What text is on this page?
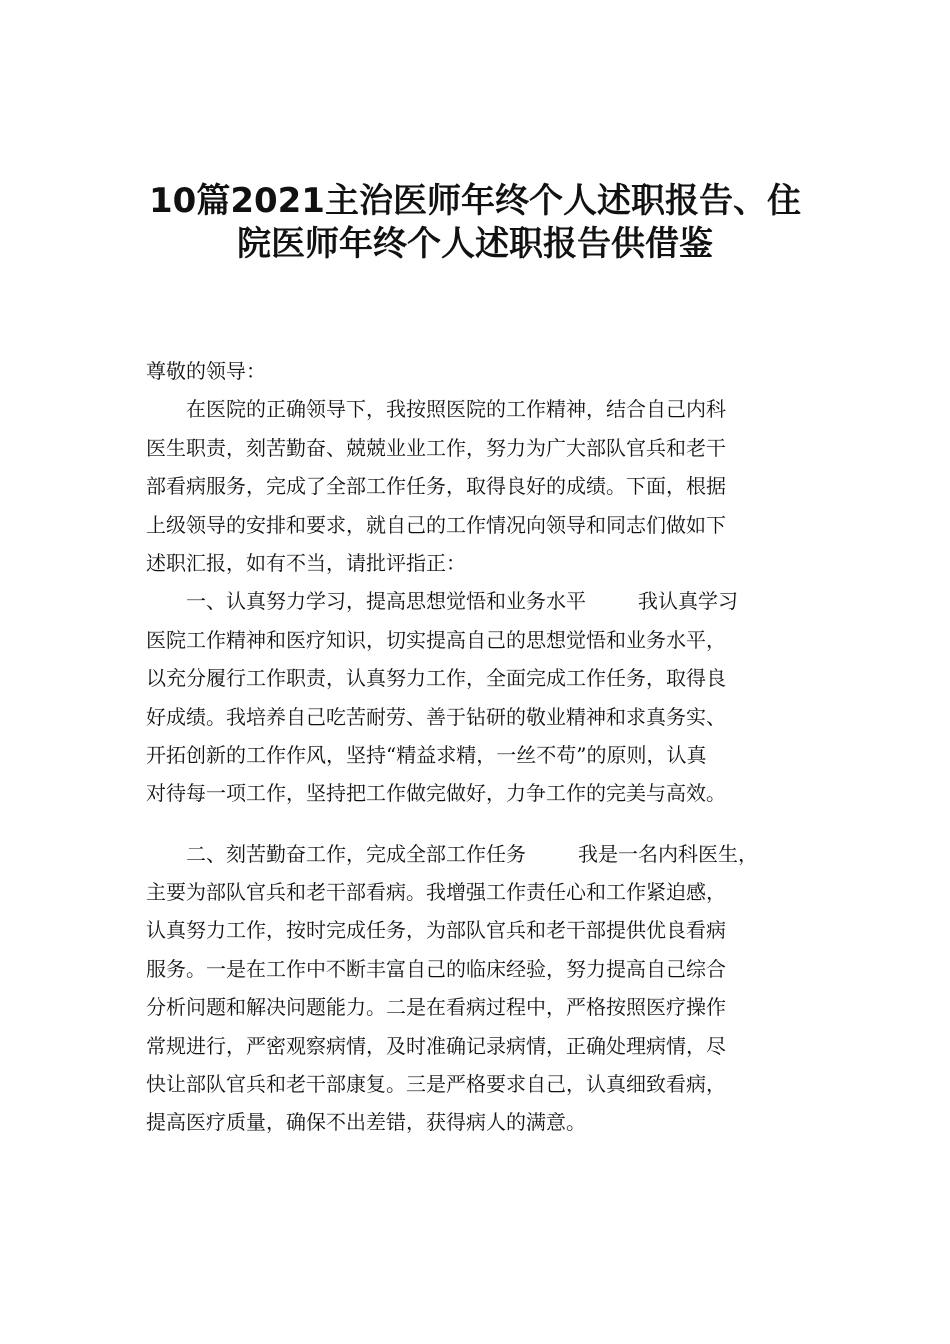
10篇2021主治医师年终个人述职报告、住
院医师年终个人述职报告供借鉴
尊敬的领导：
在医院的正确领导下，我按照医院的工作精神，结合自己内科
医生职责，刻苦勤奋、兢兢业业工作，努力为广大部队官兵和老干
部看病服务，完成了全部工作任务，取得良好的成绩。下面，根据
上级领导的安排和要求，就自己的工作情况向领导和同志们做如下
述职汇报，如有不当，请批评指正：
一、认真努力学习，提高思想觉悟和业务水平	我认真学习
医院工作精神和医疗知识，切实提高自己的思想觉悟和业务水平，
以充分履行工作职责，认真努力工作，全面完成工作任务，取得良
好成绩。我培养自己吃苦耐劳、善于钻研的敬业精神和求真务实、
开拓创新的工作作风，坚持“精益求精，一丝不苟”的原则，认真
对待每一项工作，坚持把工作做完做好，力争工作的完美与高效。
二、刻苦勤奋工作，完成全部工作任务	我是一名内科医生，
主要为部队官兵和老干部看病。我增强工作责任心和工作紧迫感，
认真努力工作，按时完成任务，为部队官兵和老干部提供优良看病
服务。一是在工作中不断丰富自己的临床经验，努力提高自己综合
分析问题和解决问题能力。二是在看病过程中，严格按照医疗操作
常规进行，严密观察病情，及时准确记录病情，正确处理病情，尽
快让部队官兵和老干部康复。三是严格要求自己，认真细致看病，
提高医疗质量，确保不出差错，获得病人的满意。
